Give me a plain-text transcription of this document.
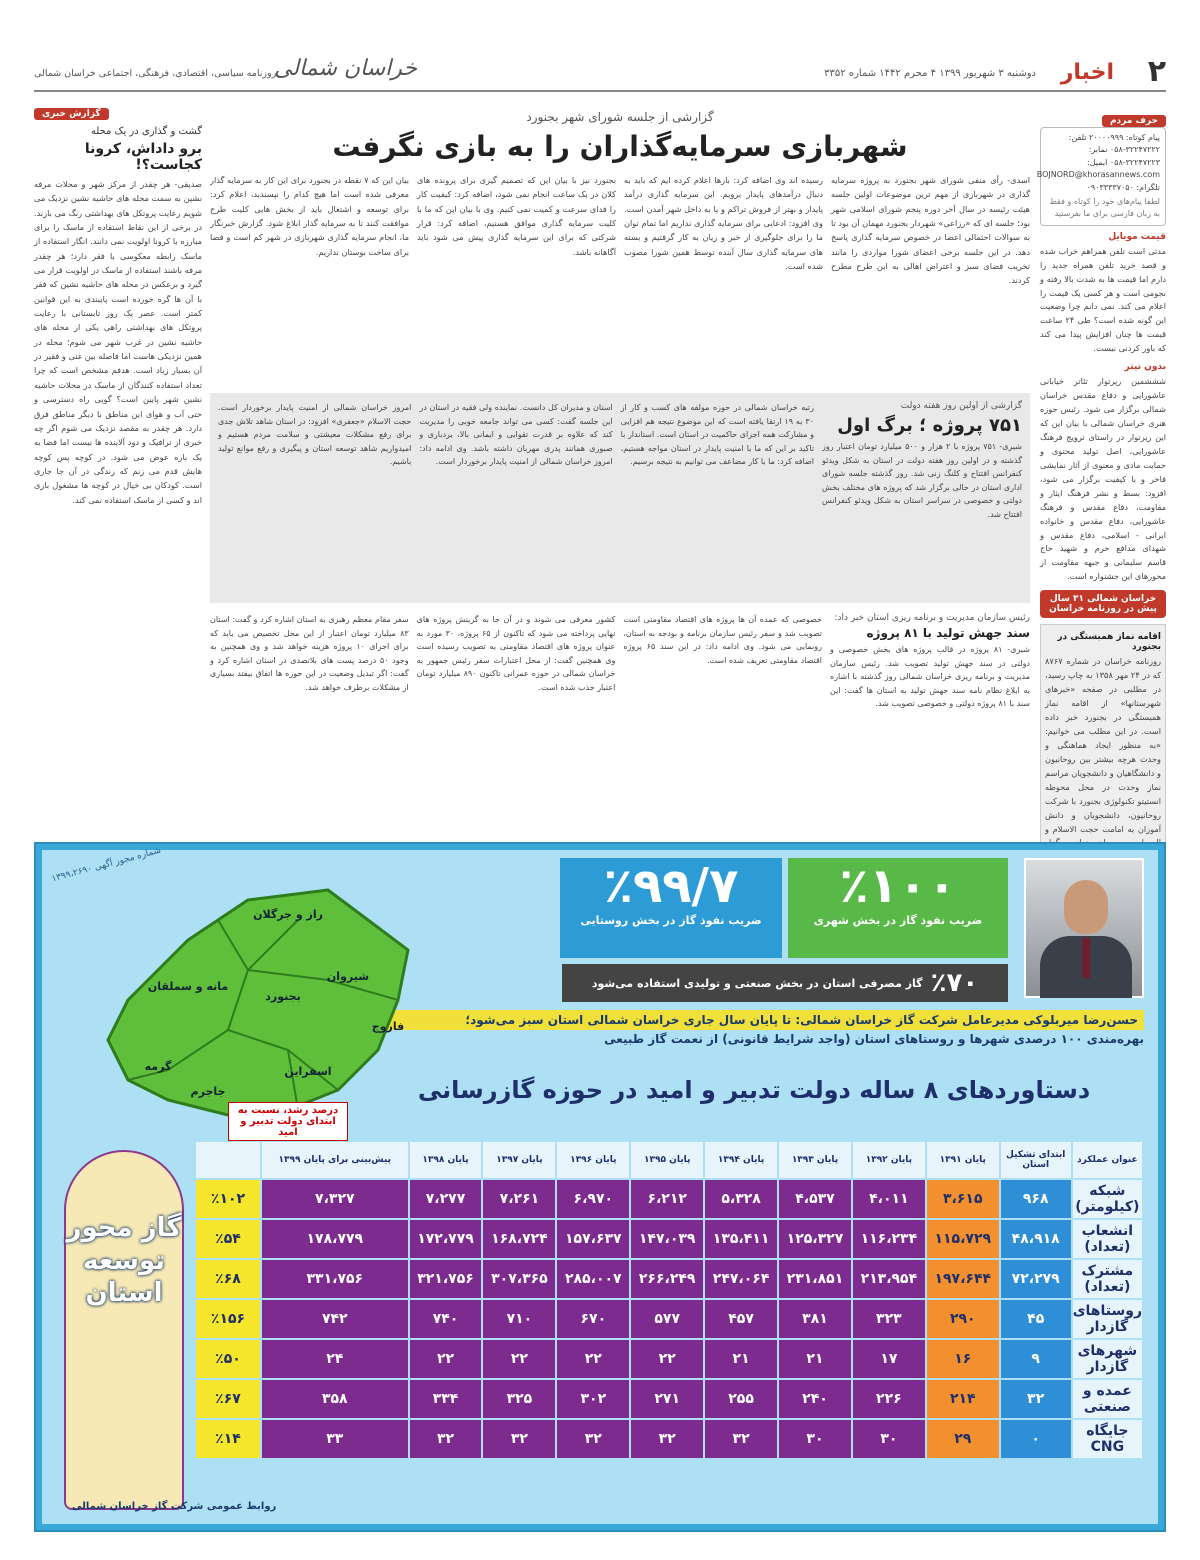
۲
اخبار
دوشنبه ۳ شهریور ۱۳۹۹ ۴ محرم ۱۴۴۲ شماره ۳۳۵۲
خراسان شمالی
روزنامه سیاسی، اقتصادی، فرهنگی، اجتماعی خراسان شمالی
حرف مردم
پیام کوتاه: ۲۰۰۰۰۹۹۹ تلفن: ۳۲۲۴۷۲۲۲-۰۵۸ نمابر: ۳۲۲۴۷۲۲۳-۰۵۸ ایمیل: BOJNORD@khorasannews.com تلگرام: ۰۹۰۳۳۳۳۷۰۵۰
لطفا پیام‌های خود را کوتاه و فقط به زبان فارسی برای ما بفرستید
قیمت موبایل
مدتی است تلفن همراهم خراب شده و قصد خرید تلفن همراه جدید را دارم اما قیمت ها به شدت بالا رفته و نجومی است و هر کسی یک قیمت را اعلام می کند. نمی دانم چرا وضعیت این گونه شده است؟ طی ۲۴ ساعت قیمت ها چنان افزایش پیدا می کند که باور کردنی نیست.
بدون تیتر
شششمین رپرتوار تئاتر خیابانی عاشورایی و دفاع مقدس خراسان شمالی برگزار می شود. رئیس حوزه هنری خراسان شمالی با بیان این که این رپرتوار در راستای ترویج فرهنگ عاشورایی، اصل تولید محتوی و حمایت مادی و معنوی از آثار نمایشی فاخر و با کیفیت برگزار می شود، افزود: بسط و نشر فرهنگ ایثار و مقاومت، دفاع مقدس و فرهنگ عاشورایی، دفاع مقدس و خانواده ایرانی - اسلامی، دفاع مقدس و شهدای مدافع حرم و شهید حاج قاسم سلیمانی و جبهه مقاومت از محورهای این جشنواره است.
خراسان شمالی ۳۱ سال پیش در روزنامه خراسان
اقامه نماز همبستگی در بجنورد
روزنامه خراسان در شماره ۸۷۶۷ که در ۲۴ مهر ۱۳۵۸ به چاپ رسید، در مطلبی در صفحه «خبرهای شهرستانها» از اقامه نماز همبستگی در بجنورد خبر داده است. در این مطلب می خوانیم: «به منظور ایجاد هماهنگی و وحدت هرچه بیشتر بین روحانیون و دانشگاهیان و دانشجویان مراسم نماز وحدت در محل محوطه انستیتو تکنولوژی بجنورد با شرکت روحانیون، دانشجویان و دانش آموزان به امامت حجت الاسلام و
گزارش خبری
گشت و گذاری در یک محله
برو داداش، کرونا کجاست؟!
صدیقی- هر چقدر از مرکز شهر و محلات مرفه نشین به سمت محله های حاشیه نشین نزدیک می شویم رعایت پروتکل های بهداشتی رنگ می بازند. در برخی از این نقاط استفاده از ماسک را برای مبارزه با کرونا اولویت نمی دانند. انگار استفاده از ماسک رابطه معکوسی با فقر دارد؛ هر چقدر مرفه باشند استفاده از ماسک در اولویت قرار می گیرد و برعکس در محله های حاشیه نشین که فقر با آن ها گره خورده است پایبندی به این قوانین کمتر است. عصر یک روز تابستانی با رعایت پروتکل های بهداشتی راهی یکی از محله های حاشیه نشین در غرب شهر می شوم؛ محله در همین نزدیکی هاست اما فاصله بین غنی و فقیر در آن بسیار زیاد است. هدفم مشخص است که چرا تعداد استفاده کنندگان از ماسک در محلات حاشیه نشین شهر پایین است؟ گویی راه دسترسی و حتی آب و هوای این مناطق با دیگر مناطق فرق دارد. هر چقدر به مقصد نزدیک می شوم اگر چه خبری از ترافیک و دود آلاینده ها نیست اما فضا به یک باره عوض می شود. در کوچه پس کوچه هایش قدم می زنم که زندگی در آن جا جاری است. کودکان بی خیال در کوچه ها مشغول بازی اند و کسی از ماسک استفاده نمی کند.
گزارشی از جلسه شورای شهر بجنورد
شهربازی سرمایه‌گذاران را به بازی نگرفت
اسدی- رأی منفی شورای شهر بجنورد به پروژه سرمایه گذاری در شهربازی از مهم ترین موضوعات اولین جلسه هیئت رئیسه در سال آخر دوره پنجم شورای اسلامی شهر بود؛ جلسه ای که «رزاعی» شهردار بجنورد مهمان آن بود تا به سوالات احتمالی اعضا در خصوص سرمایه گذاری پاسخ دهد. در این جلسه برخی اعضای شورا مواردی را مانند تخریب فضای سبز و اعتراض اهالی به این طرح مطرح کردند.
رسیده اند وی اضافه کرد: بارها اعلام کرده ایم که باید به دنبال درآمدهای پایدار برویم. این سرمایه گذاری درآمد پایدار و بهتر از فروش تراکم و یا به داخل شهر آمدن است. وی افزود: ادعایی برای سرمایه گذاری نداریم اما تمام توان ما را برای جلوگیری از خبر و زیان به کار گرفتیم و بسته های سرمایه گذاری سال آینده توسط همین شورا مصوب شده است.
بجنورد نیز با بیان این که تصمیم گیری برای پرونده های کلان در یک ساعت انجام نمی شود، اضافه کرد: کیفیت کار را فدای سرعت و کمیت نمی کنیم. وی با بیان این که ما با کلیت سرمایه گذاری موافق هستیم، اضافه کرد: قرار شرکتی که برای این سرمایه گذاری پیش می شود باید آگاهانه باشد.
بیان این که ۷ نقطه در بجنورد برای این کار به سرمایه گذار معرفی شده است اما هیچ کدام را نپسندید، اعلام کرد: برای توسعه و اشتغال باید از بخش هایی کلیت طرح موافقت کنند تا به سرمایه گذار ابلاغ شود. گزارش خبرنگار ما، انجام سرمایه گذاری شهربازی در شهر کم است و فضا برای ساخت بوستان نداریم.
گزارشی از اولین روز هفته دولت
۷۵۱ پروژه ؛ برگ اول
شیری- ۷۵۱ پروژه با ۲ هزار و ۵۰۰ میلیارد تومان اعتبار روز گذشته و در اولین روز هفته دولت در استان به شکل ویدئو کنفرانس افتتاح و کلنگ زنی شد. روز گذشته جلسه شورای اداری استان در حالی برگزار شد که پروژه های مختلف بخش دولتی و خصوصی در سراسر استان به شکل ویدئو کنفرانس افتتاح شد.
رتبه خراسان شمالی در حوزه مولفه های کسب و کار از ۳۰ به ۱۹ ارتقا یافته است که این موضوع نتیجه هم افزایی و مشارکت همه اجزای حاکمیت در استان است. استاندار با تاکید بر این که ما با امنیت پایدار در استان مواجه هستیم، اضافه کرد: ما با کار مضاعف می توانیم به نتیجه برسیم.
استان و مدیران کل دانست. نماینده ولی فقیه در استان در این جلسه گفت: کسی می تواند جامعه خوبی را مدیریت کند که علاوه بر قدرت تقوایی و ایمانی بالا، بردباری و صبوری همانند پدری مهربان داشته باشد. وی ادامه داد: امروز خراسان شمالی از امنیت پایدار برخوردار است.
امروز خراسان شمالی از امنیت پایدار برخوردار است. حجت الاسلام «جعفری» افزود: در استان شاهد تلاش جدی برای رفع مشکلات معیشتی و سلامت مردم هستیم و امیدواریم شاهد توسعه استان و پیگیری و رفع موانع تولید باشیم.
رئیس سازمان مدیریت و برنامه ریزی استان خبر داد:
سند جهش تولید با ۸۱ پروژه
شیری- ۸۱ پروژه در قالب پروژه های بخش خصوصی و دولتی در سند جهش تولید تصویب شد. رئیس سازمان مدیریت و برنامه ریزی خراسان شمالی روز گذشته با اشاره به ابلاغ نظام نامه سند جهش تولید به استان ها گفت: این سند با ۸۱ پروژه دولتی و خصوصی تصویب شد.
خصوصی که عمده آن ها پروژه های اقتصاد مقاومتی است تصویب شد و سفر رئیس سازمان برنامه و بودجه به استان، رونمایی می شود. وی ادامه داد: در این سند ۶۵ پروژه اقتصاد مقاومتی تعریف شده است.
کشور معرفی می شوند و در آن جا به گزینش پروژه های نهایی پرداخته می شود که تاکنون از ۶۵ پروژه، ۳۰ مورد به عنوان پروژه های اقتصاد مقاومتی به تصویب رسیده است وی همچنین گفت: از محل اعتبارات سفر رئیس جمهور به خراسان شمالی در حوزه عمرانی تاکنون ۸۹۰ میلیارد تومان اعتبار جذب شده است.
سفر مقام معظم رهبری به استان اشاره کرد و گفت: استان ۸۳ میلیارد تومان اعتبار از این محل تخصیص می یابد که برای اجرای ۱۰ پروژه هزینه خواهد شد و وی همچنین به وجود ۵۰ درصد پست های بلاتصدی در استان اشاره کرد و گفت: اگر تبدیل وضعیت در این حوزه ها اتفاق بیفتد بسیاری از مشکلات برطرف خواهد شد.
٪۱۰۰
ضریب نفوذ گاز در بخش شهری
٪۹۹/۷
ضریب نفوذ گاز در بخش روستایی
٪۷۰
گاز مصرفی استان در بخش صنعتی و تولیدی استفاده می‌شود
حسن‌رضا میربلوکی مدیرعامل شرکت گاز خراسان شمالی: تا پایان سال جاری خراسان شمالی استان سبز می‌شود؛
بهره‌مندی ۱۰۰ درصدی شهرها و روستاهای استان (واجد شرایط قانونی) از نعمت گاز طبیعی
شماره مجوز آگهی ۱۳۹۹،۲۶۹۰
راز و جرگلان
مانه و سملقان
شیروان
بجنورد
فاروج
اسفراین
گرمه
جاجرم	دستاوردهای ۸ ساله دولت تدبیر و امید در حوزه گازرسانی
درصد رشد، نسبت به ابتدای دولت تدبیر و امید
عنوان عملکرد	ابتدای تشکیل استان	پایان ۱۳۹۱	پایان ۱۳۹۲	پایان ۱۳۹۳	پایان ۱۳۹۴	پایان ۱۳۹۵	پایان ۱۳۹۶	پایان ۱۳۹۷	پایان ۱۳۹۸	پیش‌بینی برای پایان ۱۳۹۹	
شبکه (کیلومتر)	۹۶۸	۳،۶۱۵	۴،۰۱۱	۴،۵۳۷	۵،۳۲۸	۶،۲۱۲	۶،۹۷۰	۷،۲۶۱	۷،۲۷۷	۷،۳۲۷	٪۱۰۲
انشعاب (تعداد)	۴۸،۹۱۸	۱۱۵،۷۲۹	۱۱۶،۲۳۴	۱۲۵،۳۲۷	۱۳۵،۴۱۱	۱۴۷،۰۳۹	۱۵۷،۶۳۷	۱۶۸،۷۲۴	۱۷۲،۷۷۹	۱۷۸،۷۷۹	٪۵۴
مشترک (تعداد)	۷۲،۲۷۹	۱۹۷،۶۴۴	۲۱۳،۹۵۴	۲۳۱،۸۵۱	۲۴۷،۰۶۴	۲۶۶،۲۴۹	۲۸۵،۰۰۷	۳۰۷،۳۶۵	۳۲۱،۷۵۶	۳۳۱،۷۵۶	٪۶۸
روستاهای گازدار	۴۵	۲۹۰	۳۲۳	۳۸۱	۴۵۷	۵۷۷	۶۷۰	۷۱۰	۷۴۰	۷۴۲	٪۱۵۶
شهرهای گازدار	۹	۱۶	۱۷	۲۱	۲۱	۲۲	۲۲	۲۲	۲۲	۲۴	٪۵۰
عمده و صنعتی	۳۲	۲۱۴	۲۲۶	۲۴۰	۲۵۵	۲۷۱	۳۰۲	۳۲۵	۳۳۴	۳۵۸	٪۶۷
جایگاه CNG	۰	۲۹	۳۰	۳۰	۳۲	۳۲	۳۲	۳۲	۳۲	۳۳	٪۱۴
گاز محور توسعه استان
روابط عمومی شرکت گاز خراسان شمالی
